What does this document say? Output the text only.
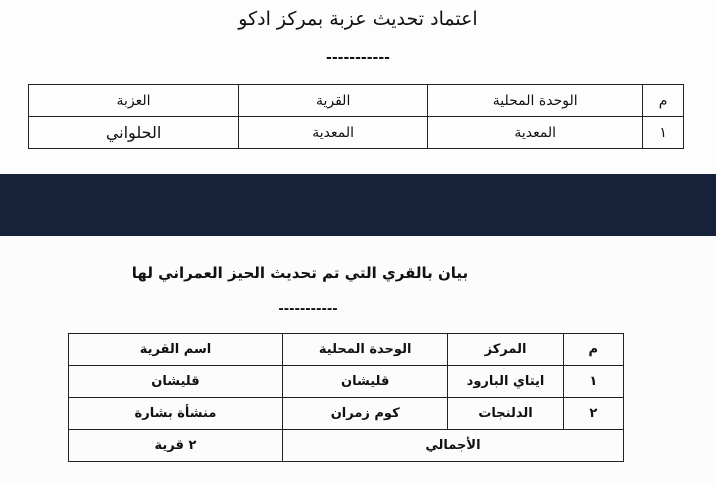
اعتماد تحديث عزبة بمركز ادكو
-----------
بيان بالقري التي تم تحديث الحيز العمراني لها
-----------
م	الوحدة المحلية	القرية	العزبة
١	المعدية	المعدية	الحلواني
م	المركز	الوحدة المحلية	اسم القرية
١	ايتاي البارود	قليشان	قليشان
٢	الدلنجات	كوم زمران	منشأة بشارة
الأجمالي			٢ قرية
